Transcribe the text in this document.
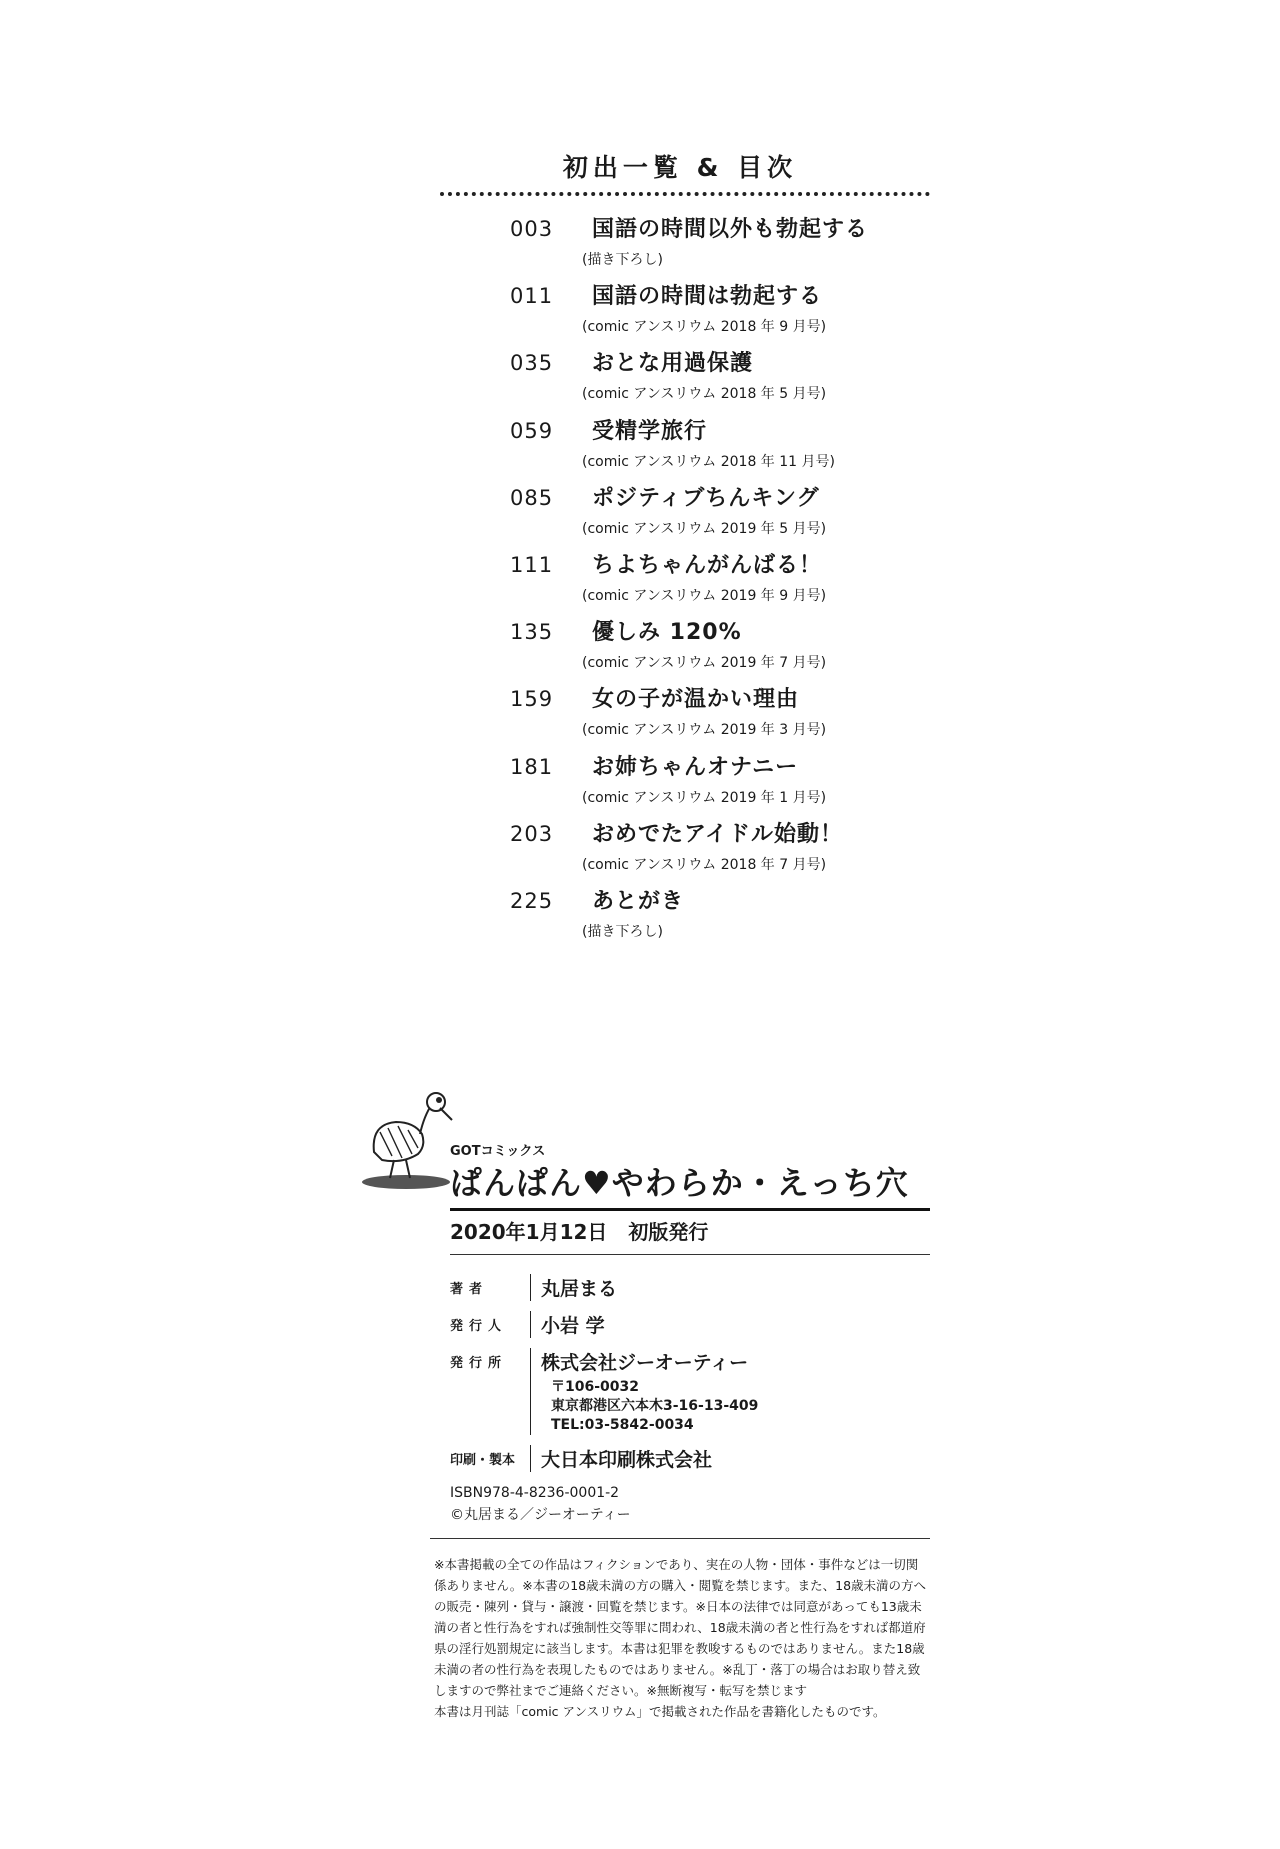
初出一覧 & 目次
003	国語の時間以外も勃起する
(描き下ろし)
011	国語の時間は勃起する
(comic アンスリウム 2018 年 9 月号)
035	おとな用過保護
(comic アンスリウム 2018 年 5 月号)
059	受精学旅行
(comic アンスリウム 2018 年 11 月号)
085	ポジティブちんキング
(comic アンスリウム 2019 年 5 月号)
111	ちよちゃんがんばる！
(comic アンスリウム 2019 年 9 月号)
135	優しみ 120%
(comic アンスリウム 2019 年 7 月号)
159	女の子が温かい理由
(comic アンスリウム 2019 年 3 月号)
181	お姉ちゃんオナニー
(comic アンスリウム 2019 年 1 月号)
203	おめでたアイドル始動！
(comic アンスリウム 2018 年 7 月号)
225	あとがき
(描き下ろし)
GOTコミックス
ぱんぱん♥やわらか・えっち穴
2020年1月12日 初版発行
著者	丸居まる
発行人	小岩 学
発行所	株式会社ジーオーティー
〒106-0032
東京都港区六本木3-16-13-409
TEL:03-5842-0034
印刷・製本	大日本印刷株式会社
ISBN978-4-8236-0001-2
©丸居まる／ジーオーティー
※本書掲載の全ての作品はフィクションであり、実在の人物・団体・事件などは一切関係ありません。※本書の18歳未満の方の購入・閲覧を禁じます。また、18歳未満の方への販売・陳列・貸与・譲渡・回覧を禁じます。※日本の法律では同意があっても13歳未満の者と性行為をすれば強制性交等罪に問われ、18歳未満の者と性行為をすれば都道府県の淫行処罰規定に該当します。本書は犯罪を教唆するものではありません。また18歳未満の者の性行為を表現したものではありません。※乱丁・落丁の場合はお取り替え致しますので弊社までご連絡ください。※無断複写・転写を禁じます
本書は月刊誌「comic アンスリウム」で掲載された作品を書籍化したものです。
